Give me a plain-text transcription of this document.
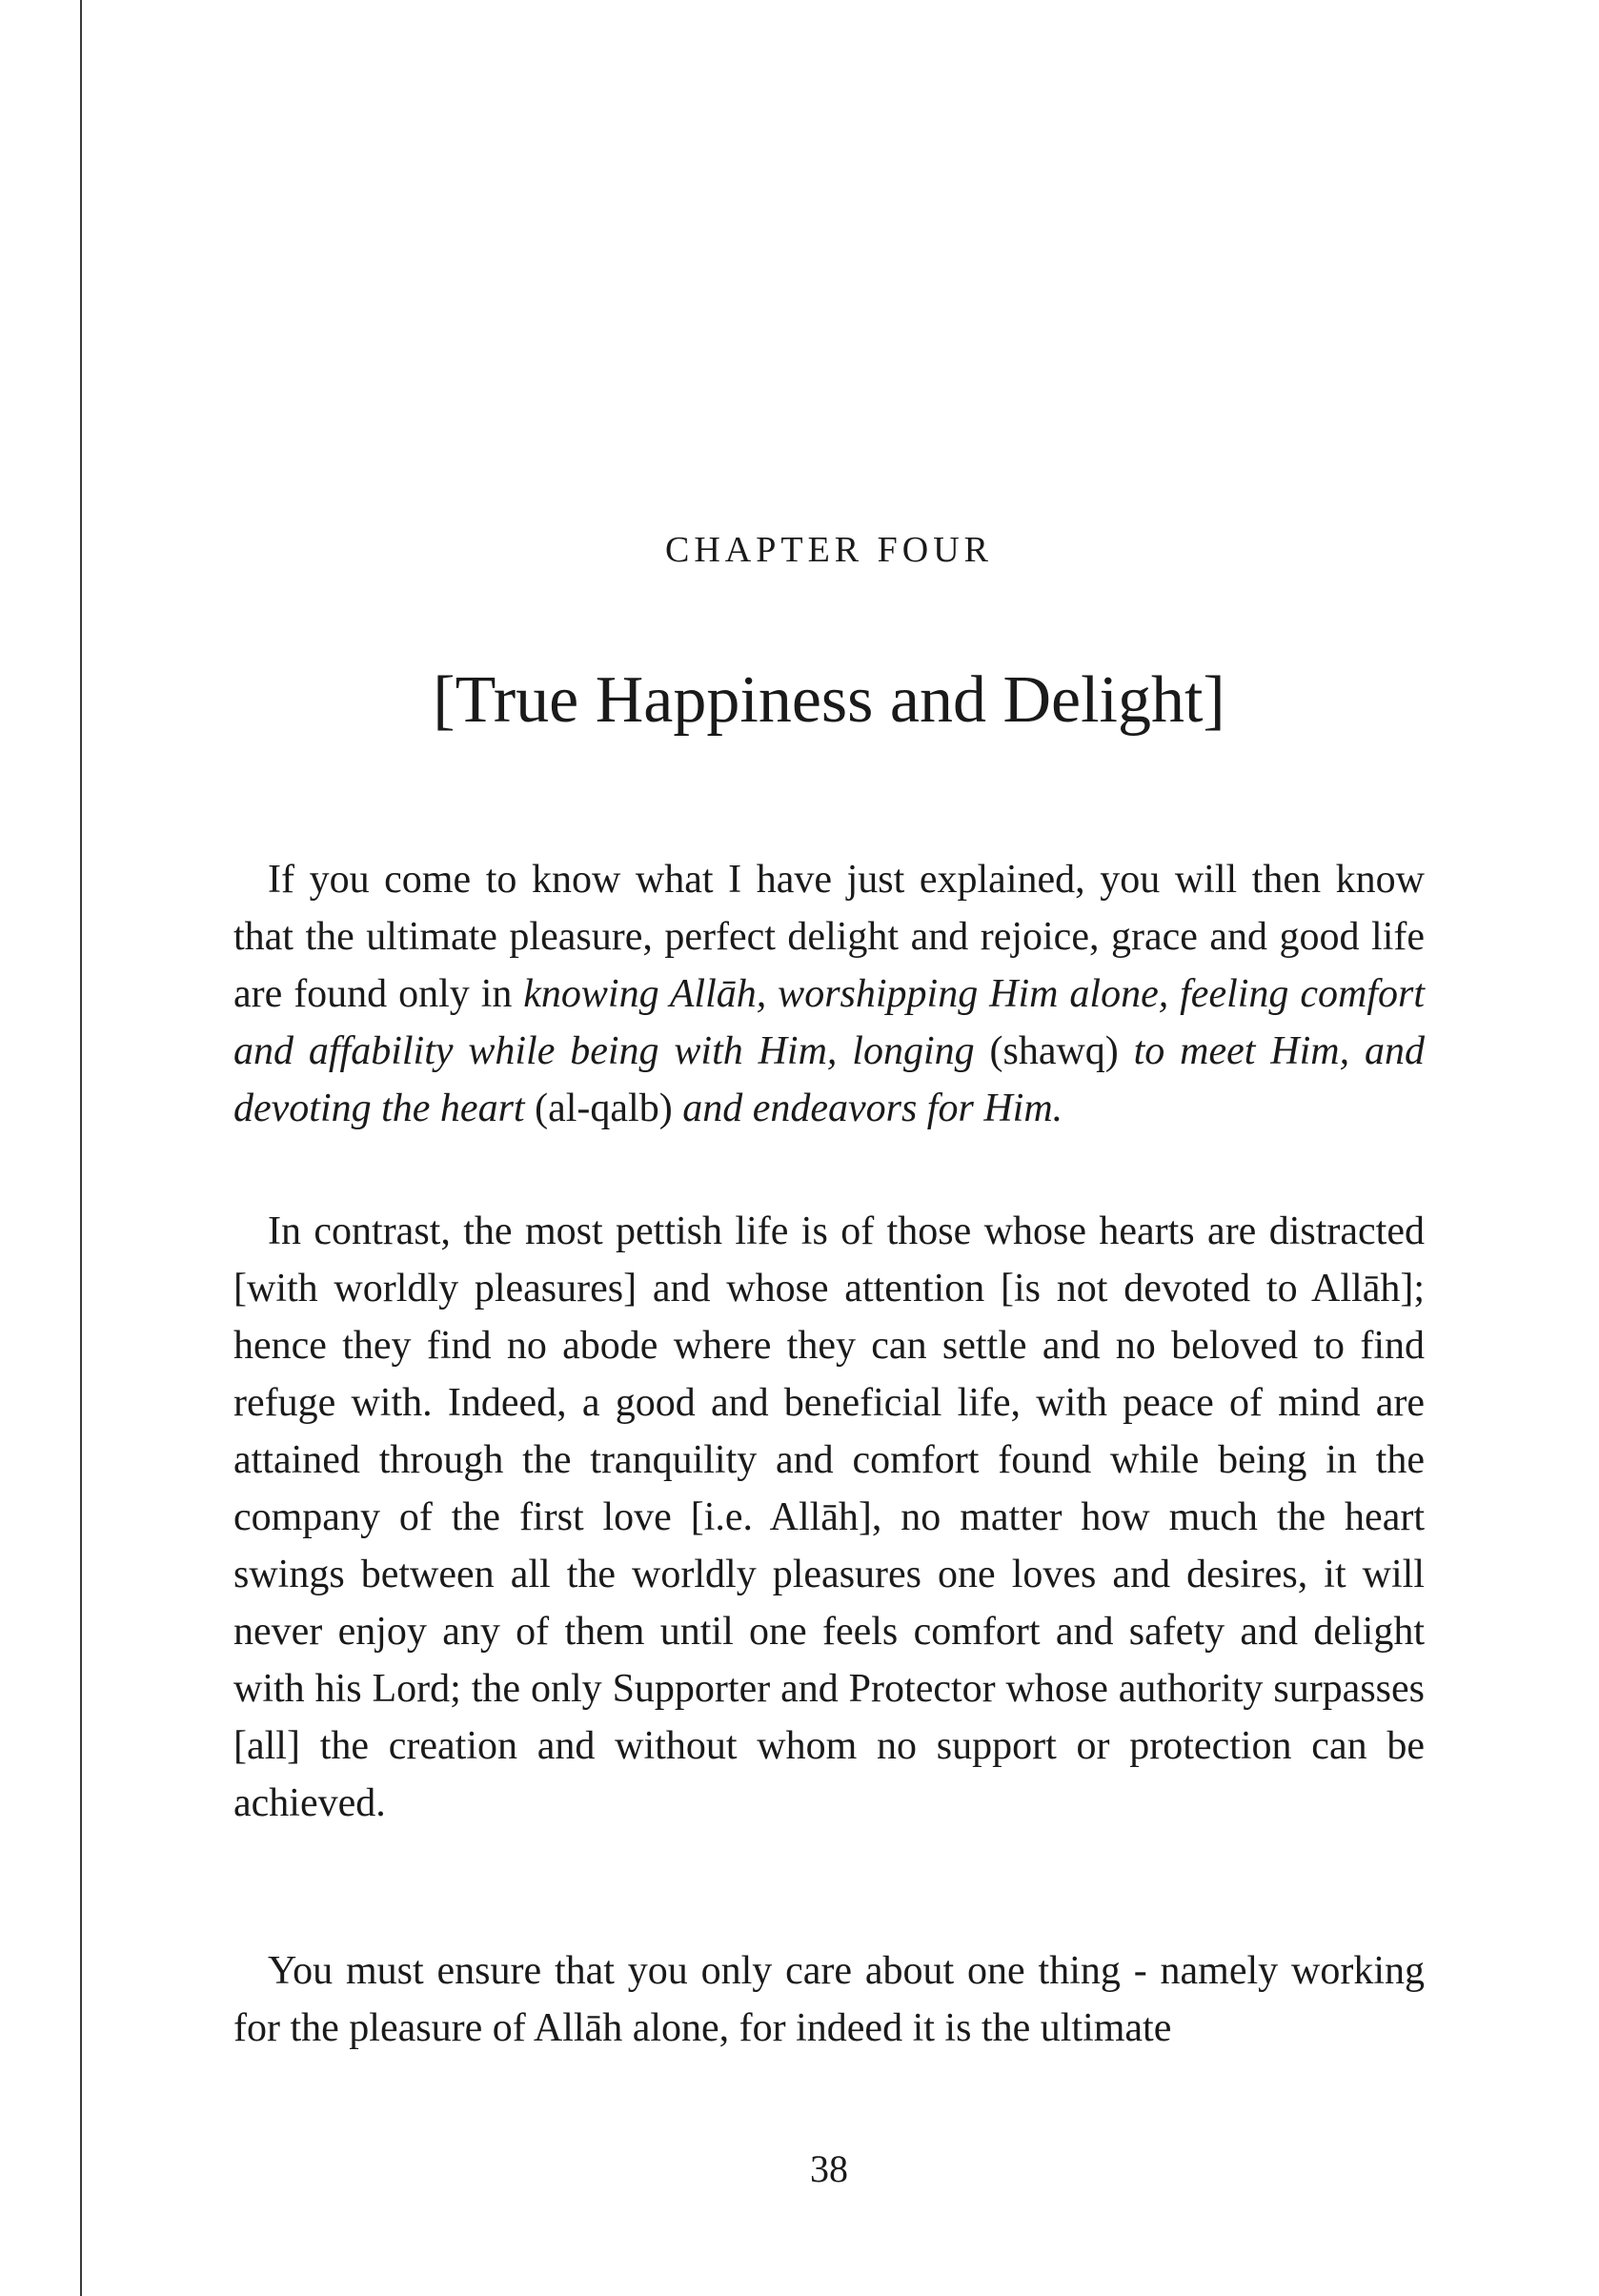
CHAPTER FOUR
[True Happiness and Delight]

If you come to know what I have just explained, you will then know that the ultimate pleasure, perfect delight and rejoice, grace and good life are found only in knowing Allāh, worshipping Him alone, feeling comfort and affability while being with Him, longing (shawq) to meet Him, and devoting the heart (al-qalb) and endeavors for Him.

In contrast, the most pettish life is of those whose hearts are distracted [with worldly pleasures] and whose attention [is not devoted to Allāh]; hence they find no abode where they can settle and no beloved to find refuge with. Indeed, a good and beneficial life, with peace of mind are attained through the tranquility and comfort found while being in the company of the first love [i.e. Allāh], no matter how much the heart swings between all the worldly pleasures one loves and desires, it will never enjoy any of them until one feels comfort and safety and delight with his Lord; the only Supporter and Protector whose authority surpasses [all] the creation and without whom no support or protection can be achieved.

You must ensure that you only care about one thing - namely working for the pleasure of Allāh alone, for indeed it is the ultimate

38
